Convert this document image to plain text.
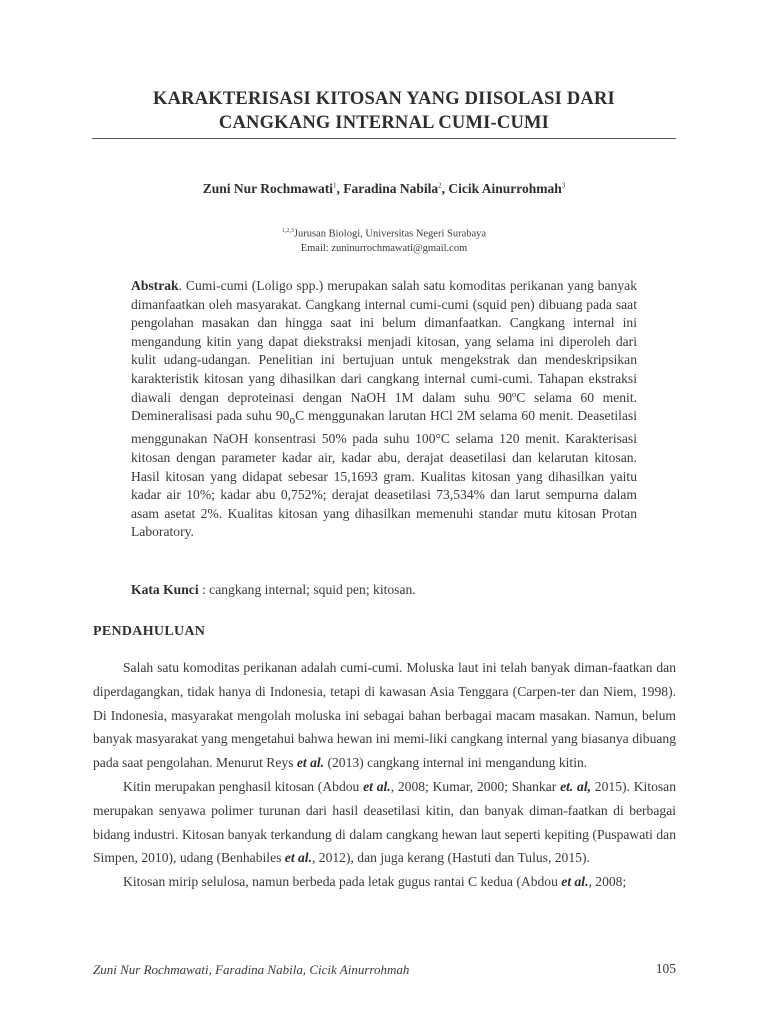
KARAKTERISASI KITOSAN YANG DIISOLASI DARI
CANGKANG INTERNAL CUMI-CUMI
Zuni Nur Rochmawati$^1$, Faradina Nabila$^2$, Cicik Ainurrohmah$^3$
$^{1,2,3}$Jurusan Biologi, Universitas Negeri Surabaya
Email: zuninurrochmawati@gmail.com
Abstrak. Cumi-cumi (Loligo spp.) merupakan salah satu komoditas perikanan yang banyak dimanfaatkan oleh masyarakat. Cangkang internal cumi-cumi (squid pen) dibuang pada saat pengolahan masakan dan hingga saat ini belum dimanfaatkan. Cangkang internal ini mengandung kitin yang dapat diekstraksi menjadi kitosan, yang selama ini diperoleh dari kulit udang-udangan. Penelitian ini bertujuan untuk mengekstrak dan mendeskripsikan karakteristik kitosan yang dihasilkan dari cangkang internal cumi-cumi. Tahapan ekstraksi diawali dengan deproteinasi dengan NaOH 1M dalam suhu 90ºC selama 60 menit. Demineralisasi pada suhu $90_oC$ menggunakan larutan HCl 2M selama 60 menit. Deasetilasi menggunakan NaOH konsentrasi 50% pada suhu 100°C selama 120 menit. Karakterisasi kitosan dengan parameter kadar air, kadar abu, derajat deasetilasi dan kelarutan kitosan. Hasil kitosan yang didapat sebesar 15,1693 gram. Kualitas kitosan yang dihasilkan yaitu kadar air 10%; kadar abu 0,752%; derajat deasetilasi 73,534% dan larut sempurna dalam asam asetat 2%. Kualitas kitosan yang dihasilkan memenuhi standar mutu kitosan Protan Laboratory.
Kata Kunci : cangkang internal; squid pen; kitosan.
PENDAHULUAN

Salah satu komoditas perikanan adalah cumi-cumi. Moluska laut ini telah banyak diman-faatkan dan diperdagangkan, tidak hanya di Indonesia, tetapi di kawasan Asia Tenggara (Carpen-ter dan Niem, 1998). Di Indonesia, masyarakat mengolah moluska ini sebagai bahan berbagai macam masakan. Namun, belum banyak masyarakat yang mengetahui bahwa hewan ini memi-liki cangkang internal yang biasanya dibuang pada saat pengolahan. Menurut Reys et al. (2013) cangkang internal ini mengandung kitin.

Kitin merupakan penghasil kitosan (Abdou et al., 2008; Kumar, 2000; Shankar et. al, 2015). Kitosan merupakan senyawa polimer turunan dari hasil deasetilasi kitin, dan banyak diman-faatkan di berbagai bidang industri. Kitosan banyak terkandung di dalam cangkang hewan laut seperti kepiting (Puspawati dan Simpen, 2010), udang (Benhabiles et al., 2012), dan juga kerang (Hastuti dan Tulus, 2015).

Kitosan mirip selulosa, namun berbeda pada letak gugus rantai C kedua (Abdou et al., 2008;

Zuni Nur Rochmawati, Faradina Nabila, Cicik Ainurrohmah	105
